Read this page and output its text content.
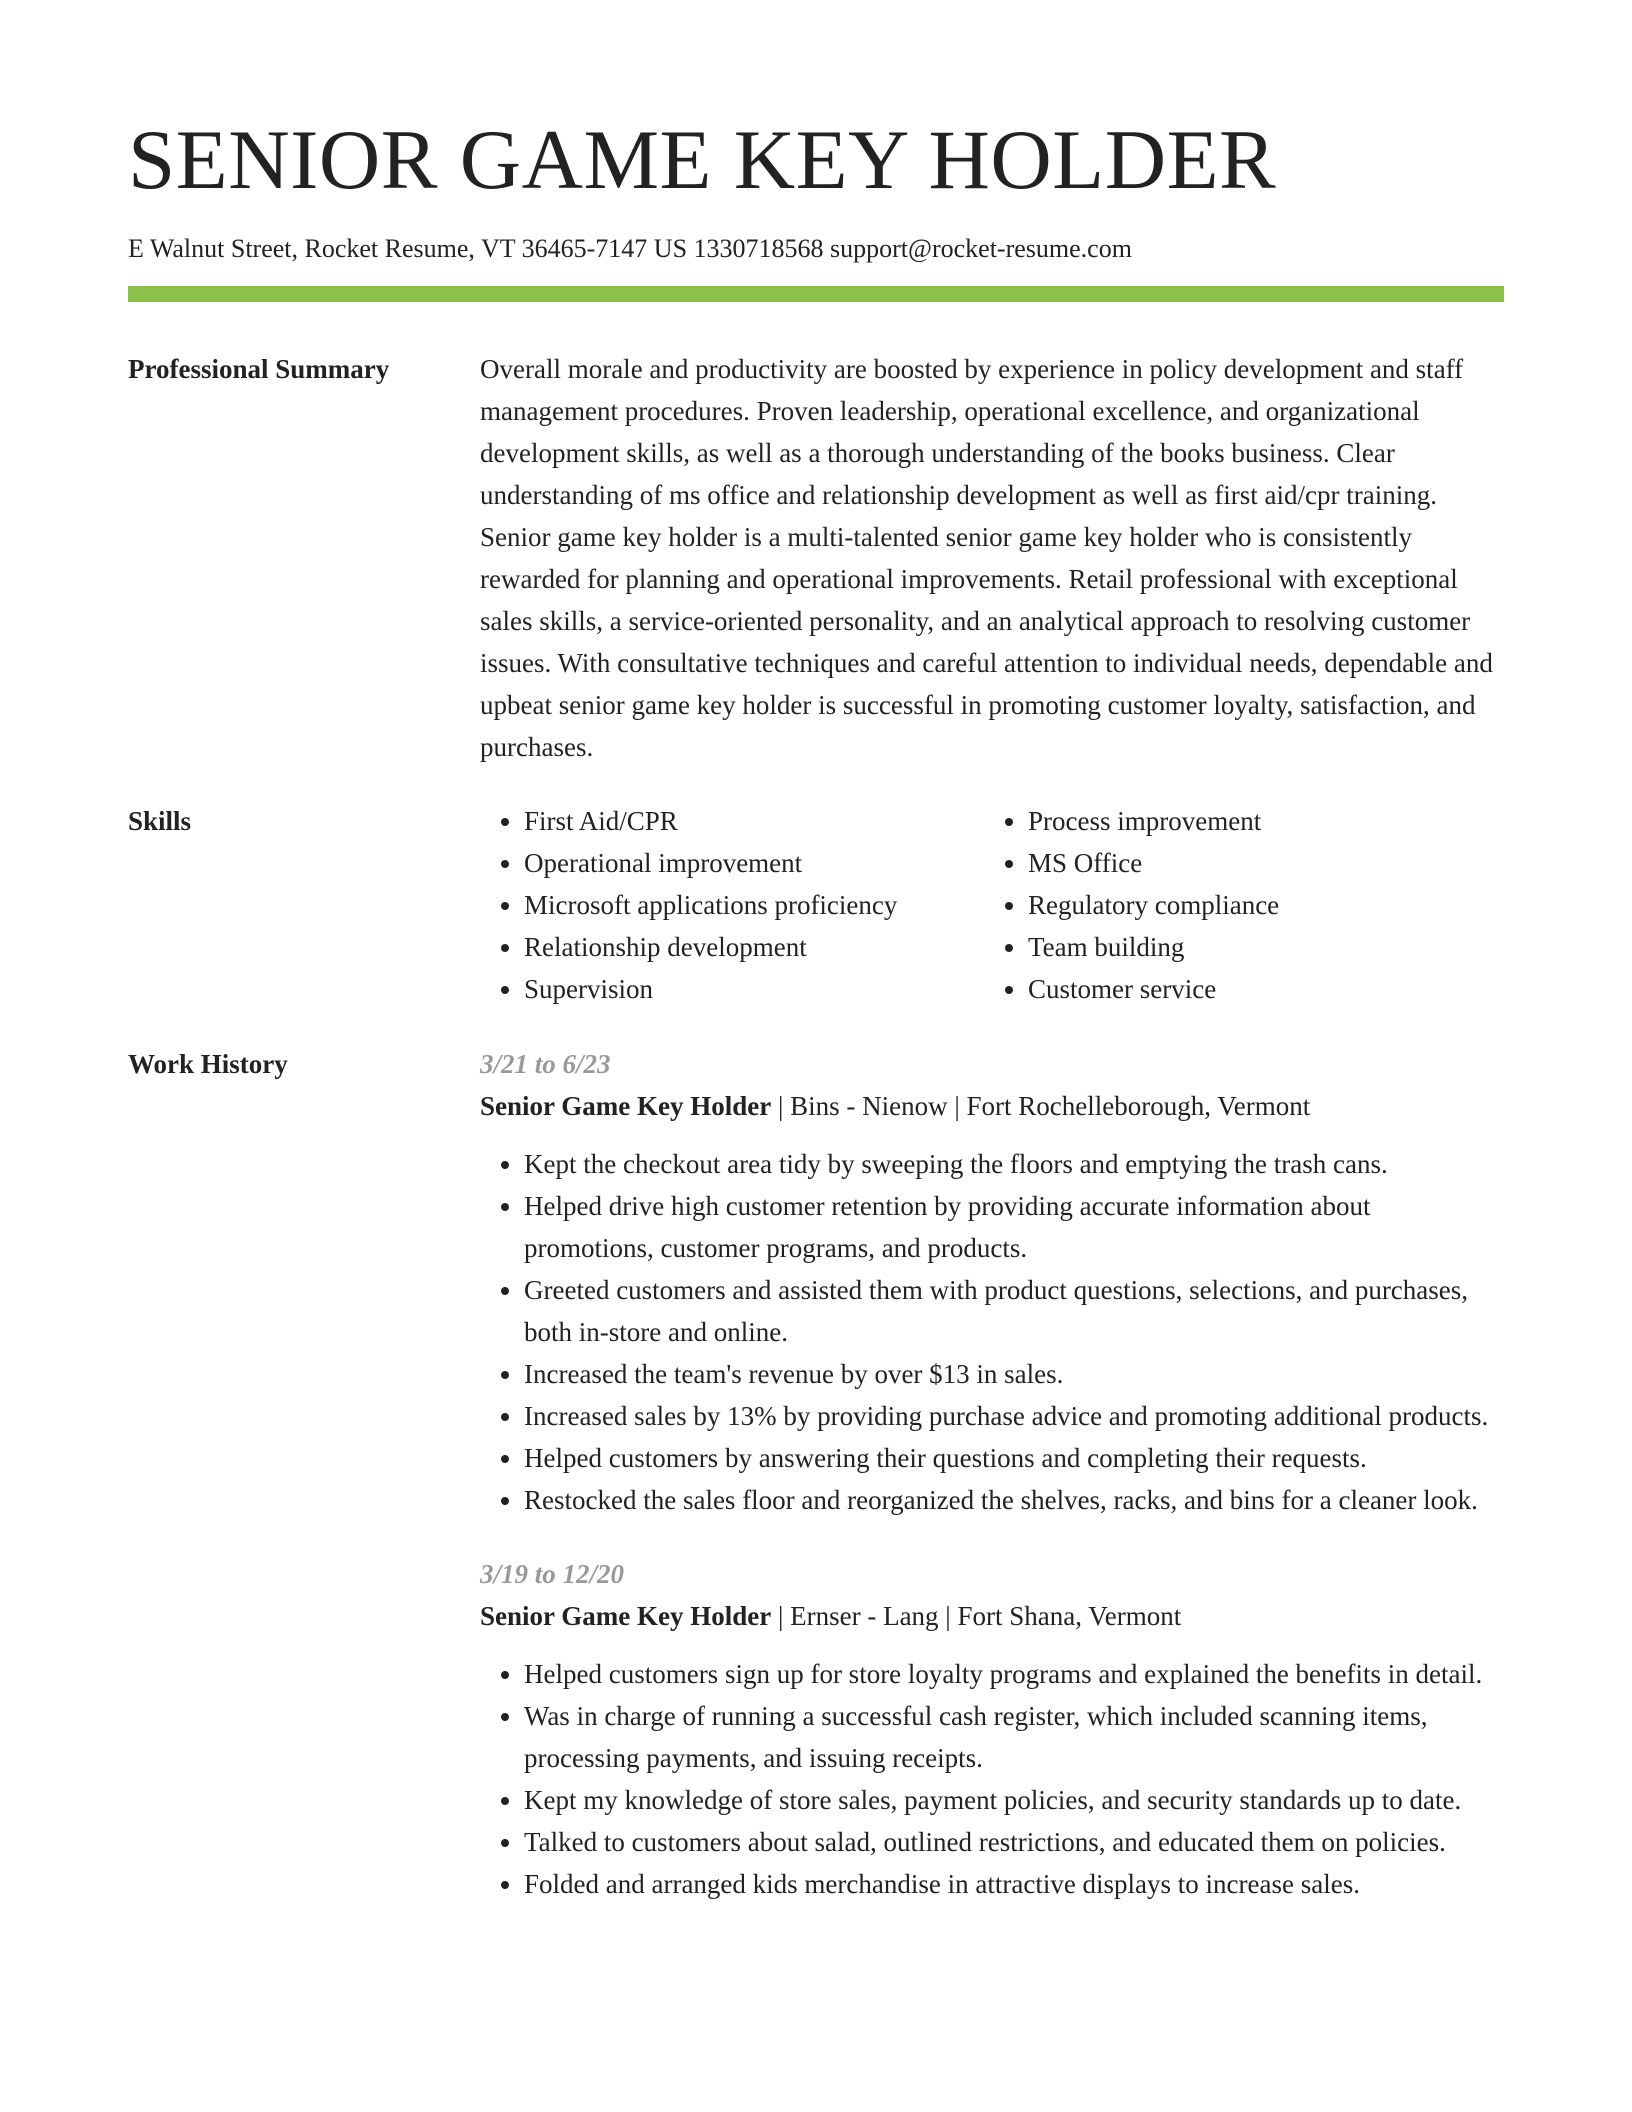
SENIOR GAME KEY HOLDER
E Walnut Street, Rocket Resume, VT 36465-7147 US 1330718568 support@rocket-resume.com
Professional Summary	Overall morale and productivity are boosted by experience in policy development and staff management procedures. Proven leadership, operational excellence, and organizational development skills, as well as a thorough understanding of the books business. Clear understanding of ms office and relationship development as well as first aid/cpr training. Senior game key holder is a multi-talented senior game key holder who is consistently rewarded for planning and operational improvements. Retail professional with exceptional sales skills, a service-oriented personality, and an analytical approach to resolving customer issues. With consultative techniques and careful attention to individual needs, dependable and upbeat senior game key holder is successful in promoting customer loyalty, satisfaction, and purchases.

Skills
•	First Aid/CPR
• Operational improvement
• Microsoft applications proficiency
• Relationship development
• Supervision
• Process improvement
• MS Office
• Regulatory compliance
• Team building
• Customer service
Work History	3/21 to 6/23
Senior Game Key Holder | Bins - Nienow | Fort Rochelleborough, Vermont
• Kept the checkout area tidy by sweeping the floors and emptying the trash cans.
• Helped drive high customer retention by providing accurate information about promotions, customer programs, and products.
• Greeted customers and assisted them with product questions, selections, and purchases, both in-store and online.
• Increased the team's revenue by over $13 in sales.
• Increased sales by 13% by providing purchase advice and promoting additional products.
• Helped customers by answering their questions and completing their requests.
• Restocked the sales floor and reorganized the shelves, racks, and bins for a cleaner look.
3/19 to 12/20
Senior Game Key Holder | Ernser - Lang | Fort Shana, Vermont
• Helped customers sign up for store loyalty programs and explained the benefits in detail.
• Was in charge of running a successful cash register, which included scanning items, processing payments, and issuing receipts.
• Kept my knowledge of store sales, payment policies, and security standards up to date.
• Talked to customers about salad, outlined restrictions, and educated them on policies.
• Folded and arranged kids merchandise in attractive displays to increase sales.
